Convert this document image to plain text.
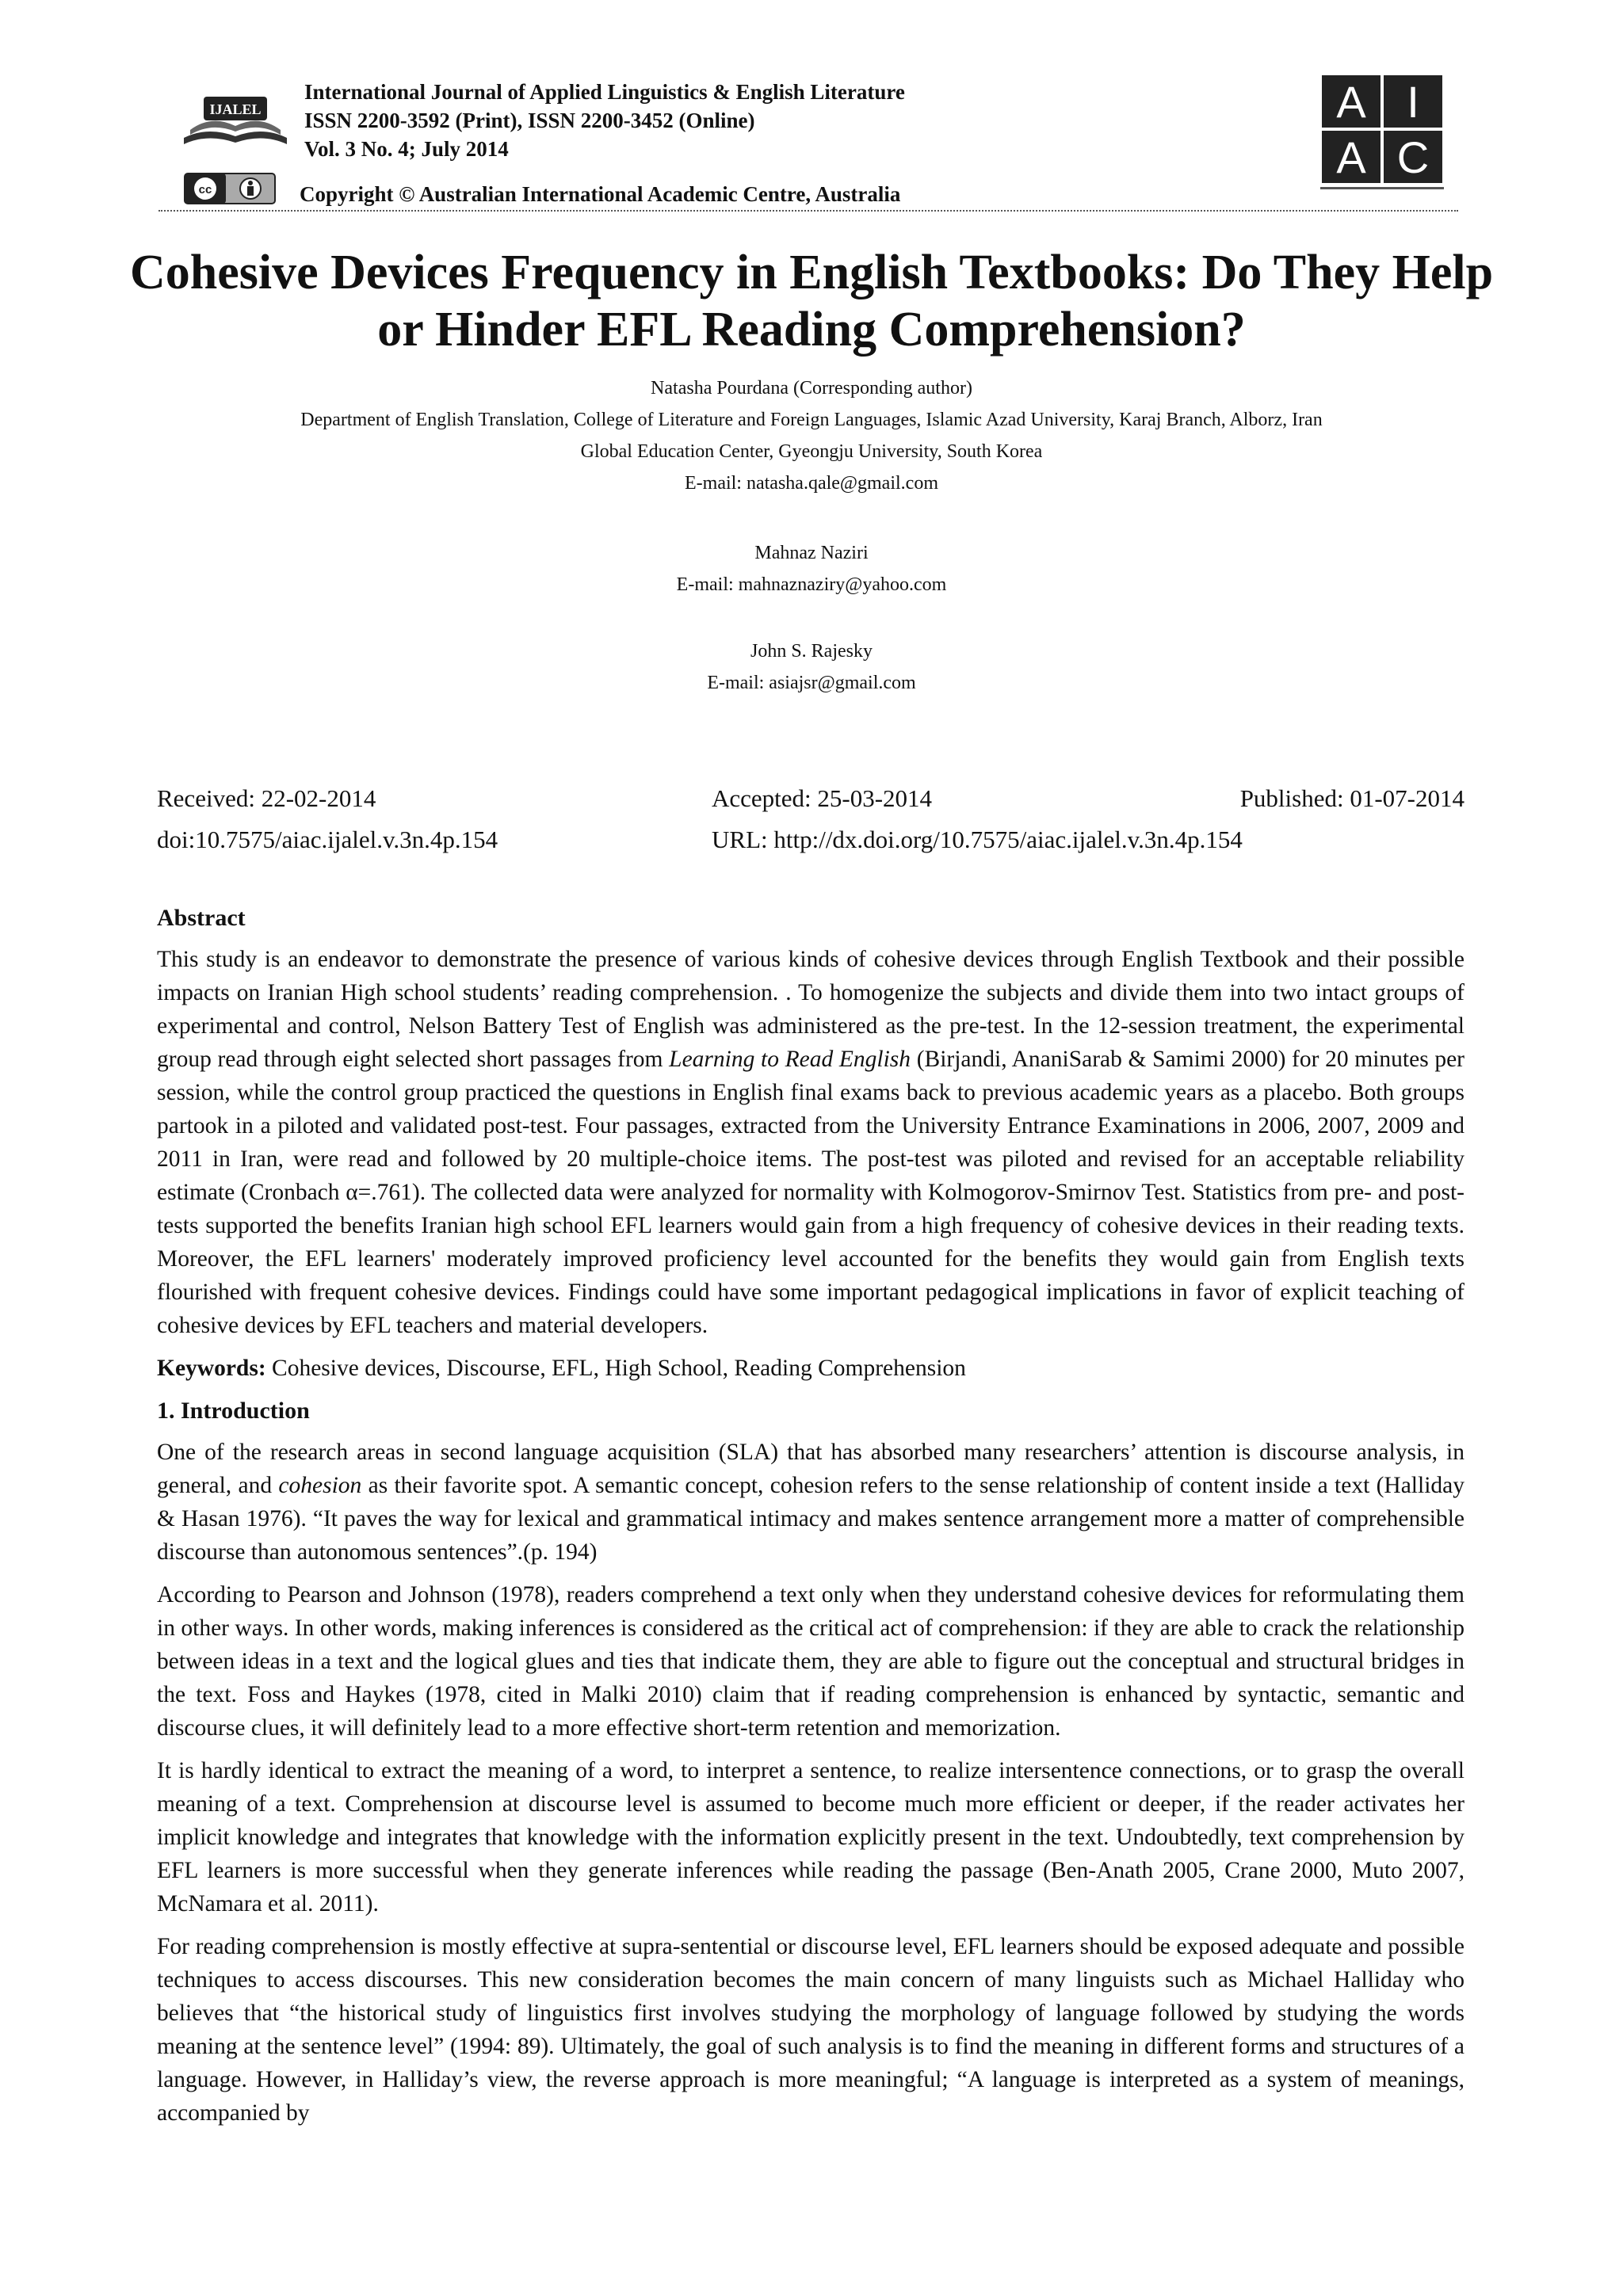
IJALEL
International Journal of Applied Linguistics & English Literature
ISSN 2200-3592 (Print), ISSN 2200-3452 (Online)
Vol. 3 No. 4; July 2014
cc	Copyright © Australian International Academic Centre, Australia
A I
A C
Cohesive Devices Frequency in English Textbooks: Do They Help or Hinder EFL Reading Comprehension?
Natasha Pourdana (Corresponding author)
Department of English Translation, College of Literature and Foreign Languages, Islamic Azad University, Karaj Branch, Alborz, Iran
Global Education Center, Gyeongju University, South Korea
E-mail: natasha.qale@gmail.com
Mahnaz Naziri
E-mail: mahnaznaziry@yahoo.com
John S. Rajesky
E-mail: asiajsr@gmail.com
Received: 22-02-2014	Accepted: 25-03-2014	Published: 01-07-2014
doi:10.7575/aiac.ijalel.v.3n.4p.154	URL: http://dx.doi.org/10.7575/aiac.ijalel.v.3n.4p.154
Abstract

This study is an endeavor to demonstrate the presence of various kinds of cohesive devices through English Textbook and their possible impacts on Iranian High school students’ reading comprehension. . To homogenize the subjects and divide them into two intact groups of experimental and control, Nelson Battery Test of English was administered as the pre-test. In the 12-session treatment, the experimental group read through eight selected short passages from Learning to Read English (Birjandi, AnaniSarab & Samimi 2000) for 20 minutes per session, while the control group practiced the questions in English final exams back to previous academic years as a placebo. Both groups partook in a piloted and validated post-test. Four passages, extracted from the University Entrance Examinations in 2006, 2007, 2009 and 2011 in Iran, were read and followed by 20 multiple-choice items. The post-test was piloted and revised for an acceptable reliability estimate (Cronbach α=.761). The collected data were analyzed for normality with Kolmogorov-Smirnov Test. Statistics from pre- and post-tests supported the benefits Iranian high school EFL learners would gain from a high frequency of cohesive devices in their reading texts. Moreover, the EFL learners' moderately improved proficiency level accounted for the benefits they would gain from English texts flourished with frequent cohesive devices. Findings could have some important pedagogical implications in favor of explicit teaching of cohesive devices by EFL teachers and material developers.

Keywords: Cohesive devices, Discourse, EFL, High School, Reading Comprehension

1. Introduction

One of the research areas in second language acquisition (SLA) that has absorbed many researchers’ attention is discourse analysis, in general, and cohesion as their favorite spot. A semantic concept, cohesion refers to the sense relationship of content inside a text (Halliday & Hasan 1976). “It paves the way for lexical and grammatical intimacy and makes sentence arrangement more a matter of comprehensible discourse than autonomous sentences”.(p. 194)

According to Pearson and Johnson (1978), readers comprehend a text only when they understand cohesive devices for reformulating them in other ways. In other words, making inferences is considered as the critical act of comprehension: if they are able to crack the relationship between ideas in a text and the logical glues and ties that indicate them, they are able to figure out the conceptual and structural bridges in the text. Foss and Haykes (1978, cited in Malki 2010) claim that if reading comprehension is enhanced by syntactic, semantic and discourse clues, it will definitely lead to a more effective short-term retention and memorization.

It is hardly identical to extract the meaning of a word, to interpret a sentence, to realize intersentence connections, or to grasp the overall meaning of a text. Comprehension at discourse level is assumed to become much more efficient or deeper, if the reader activates her implicit knowledge and integrates that knowledge with the information explicitly present in the text. Undoubtedly, text comprehension by EFL learners is more successful when they generate inferences while reading the passage (Ben-Anath 2005, Crane 2000, Muto 2007, McNamara et al. 2011).

For reading comprehension is mostly effective at supra-sentential or discourse level, EFL learners should be exposed adequate and possible techniques to access discourses. This new consideration becomes the main concern of many linguists such as Michael Halliday who believes that “the historical study of linguistics first involves studying the morphology of language followed by studying the words meaning at the sentence level” (1994: 89). Ultimately, the goal of such analysis is to find the meaning in different forms and structures of a language. However, in Halliday’s view, the reverse approach is more meaningful; “A language is interpreted as a system of meanings, accompanied by
